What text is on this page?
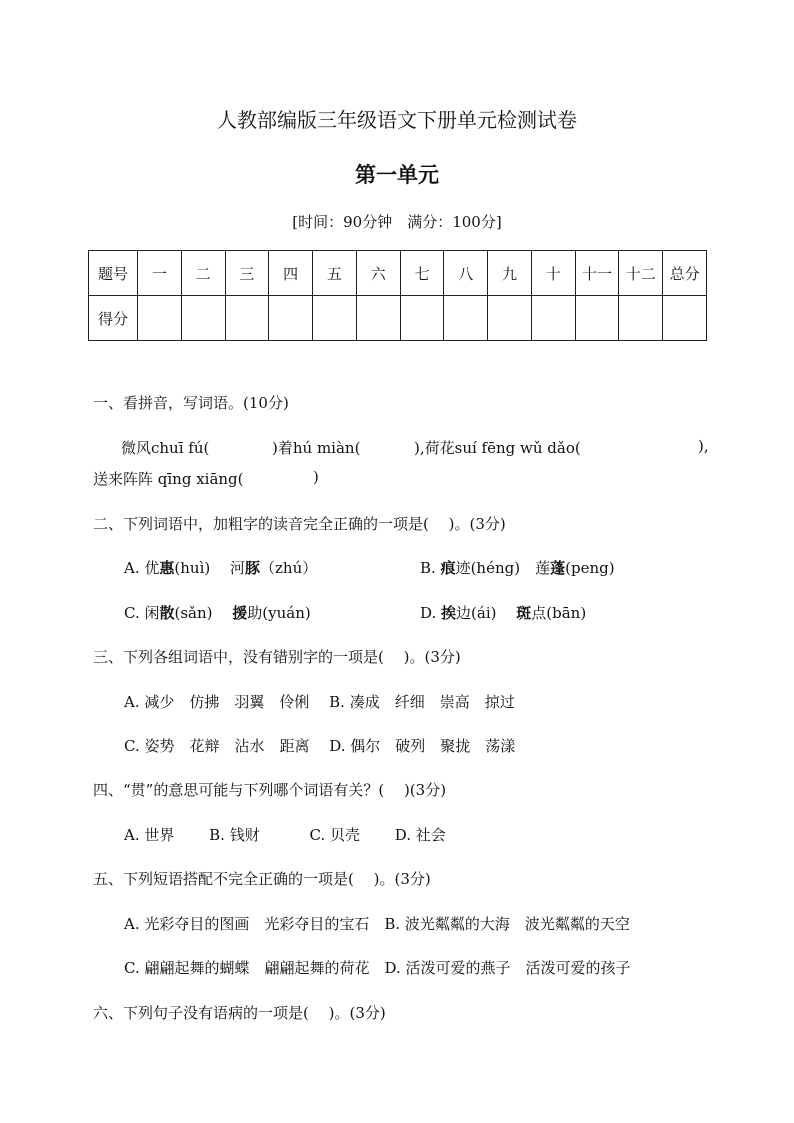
人教部编版三年级语文下册单元检测试卷
第一单元
[时间：90分钟　满分：100分]
题号	一	二	三	四	五	六	七	八	九	十	十一	十二	总分
得分													
一、看拼音，写词语。(10分)
微风chuī fú(	)着hú miàn(	),荷花suí fēng wǔ dǎo(	),
送来阵阵 qīng xiāng(	)
二、下列词语中，加粗字的读音完全正确的一项是(　 )。(3分)
A. 优惠(huì)　 河豚（zhú）	B. 痕迹(héng)　莲蓬(peng)
C. 闲散(sǎn)　 援助(yuán)	D. 挨边(ái)　 斑点(bān)
三、下列各组词语中，没有错别字的一项是(　 )。(3分)
A. 减少　仿拂　羽翼　伶俐　 B. 凑成　纤细　崇高　掠过
C. 姿势　花辩　沾水　距离　 D. 偶尔　破列　聚拢　荡漾
四、“贯”的意思可能与下列哪个词语有关？(　 )(3分)
A. 世界　　 B. 钱财　　　 C. 贝壳　　 D. 社会
五、下列短语搭配不完全正确的一项是(　 )。(3分)
A. 光彩夺目的图画　光彩夺目的宝石　B. 波光粼粼的大海　波光粼粼的天空
C. 翩翩起舞的蝴蝶　翩翩起舞的荷花　D. 活泼可爱的燕子　活泼可爱的孩子
六、下列句子没有语病的一项是(　 )。(3分)
